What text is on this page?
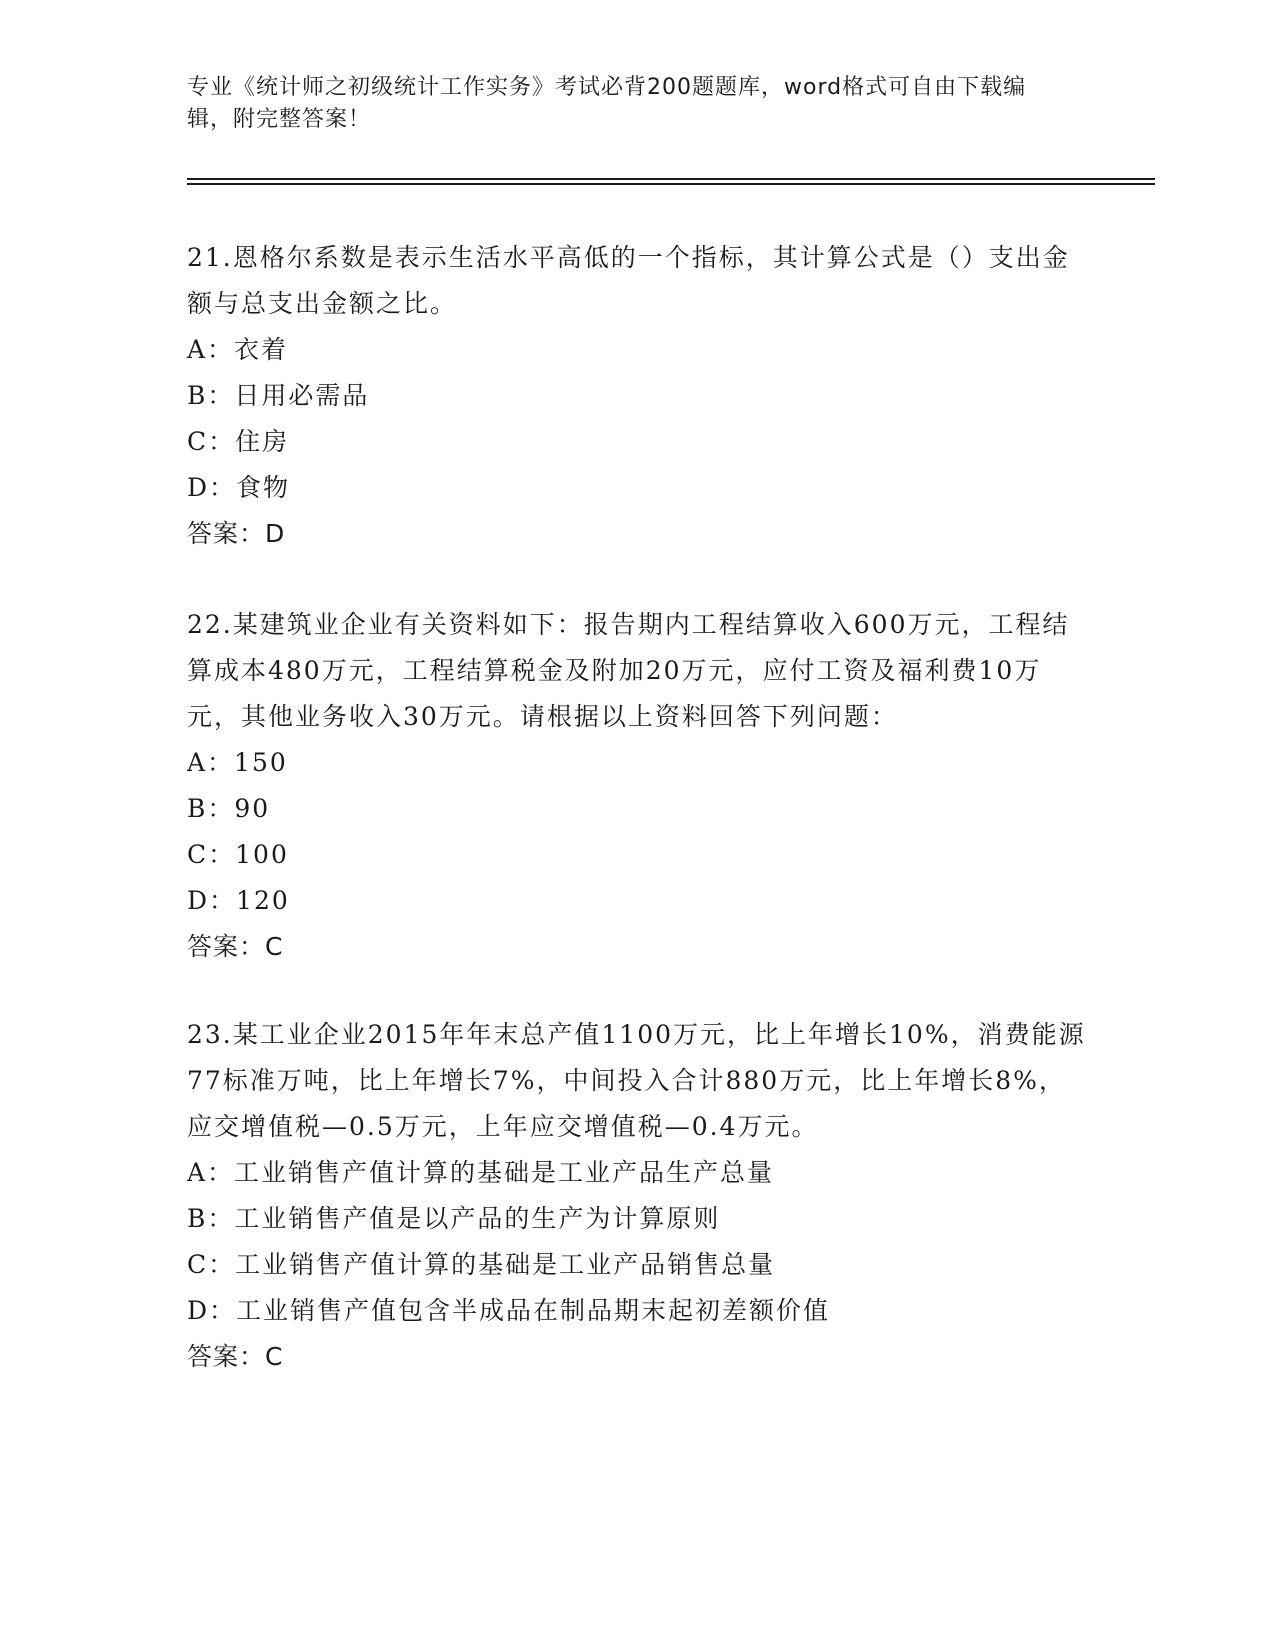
专业《统计师之初级统计工作实务》考试必背200题题库，word格式可自由下载编辑，附完整答案！
21.恩格尔系数是表示生活水平高低的一个指标，其计算公式是（）支出金额与总支出金额之比。
A：衣着
B：日用必需品
C：住房
D：食物
答案：D
22.某建筑业企业有关资料如下：报告期内工程结算收入600万元，工程结算成本480万元，工程结算税金及附加20万元，应付工资及福利费10万元，其他业务收入30万元。请根据以上资料回答下列问题：
A：150
B：90
C：100
D：120
答案：C
23.某工业企业2015年年末总产值1100万元，比上年增长10%，消费能源77标准万吨，比上年增长7%，中间投入合计880万元，比上年增长8%，应交增值税—0.5万元，上年应交增值税—0.4万元。
A：工业销售产值计算的基础是工业产品生产总量
B：工业销售产值是以产品的生产为计算原则
C：工业销售产值计算的基础是工业产品销售总量
D：工业销售产值包含半成品在制品期末起初差额价值
答案：C
